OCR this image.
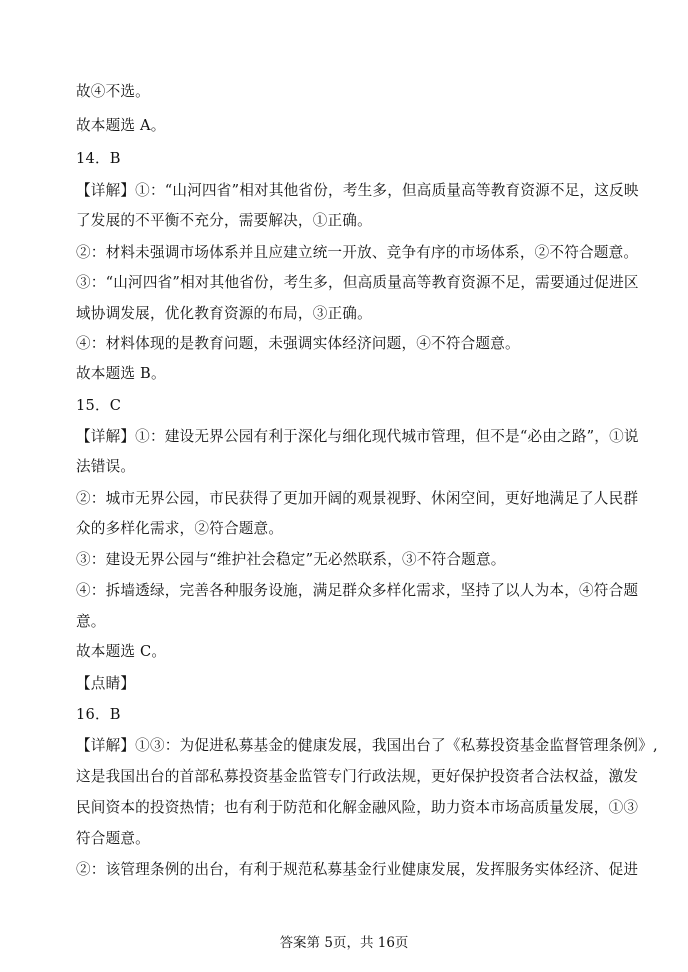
故④不选。
故本题选 A。
14．B
【详解】①：“山河四省”相对其他省份，考生多，但高质量高等教育资源不足，这反映
了发展的不平衡不充分，需要解决，①正确。
②：材料未强调市场体系并且应建立统一开放、竞争有序的市场体系，②不符合题意。
③：“山河四省”相对其他省份，考生多，但高质量高等教育资源不足，需要通过促进区
域协调发展，优化教育资源的布局，③正确。
④：材料体现的是教育问题，未强调实体经济问题，④不符合题意。
故本题选 B。
15．C
【详解】①：建设无界公园有利于深化与细化现代城市管理，但不是“必由之路”，①说
法错误。
②：城市无界公园，市民获得了更加开阔的观景视野、休闲空间，更好地满足了人民群
众的多样化需求，②符合题意。
③：建设无界公园与“维护社会稳定”无必然联系，③不符合题意。
④：拆墙透绿，完善各种服务设施，满足群众多样化需求，坚持了以人为本，④符合题
意。
故本题选 C。
【点睛】
16．B
【详解】①③：为促进私募基金的健康发展，我国出台了《私募投资基金监督管理条例》,
这是我国出台的首部私募投资基金监管专门行政法规，更好保护投资者合法权益，激发
民间资本的投资热情；也有利于防范和化解金融风险，助力资本市场高质量发展，①③
符合题意。
②：该管理条例的出台，有利于规范私募基金行业健康发展，发挥服务实体经济、促进
答案第 5页，共 16页
